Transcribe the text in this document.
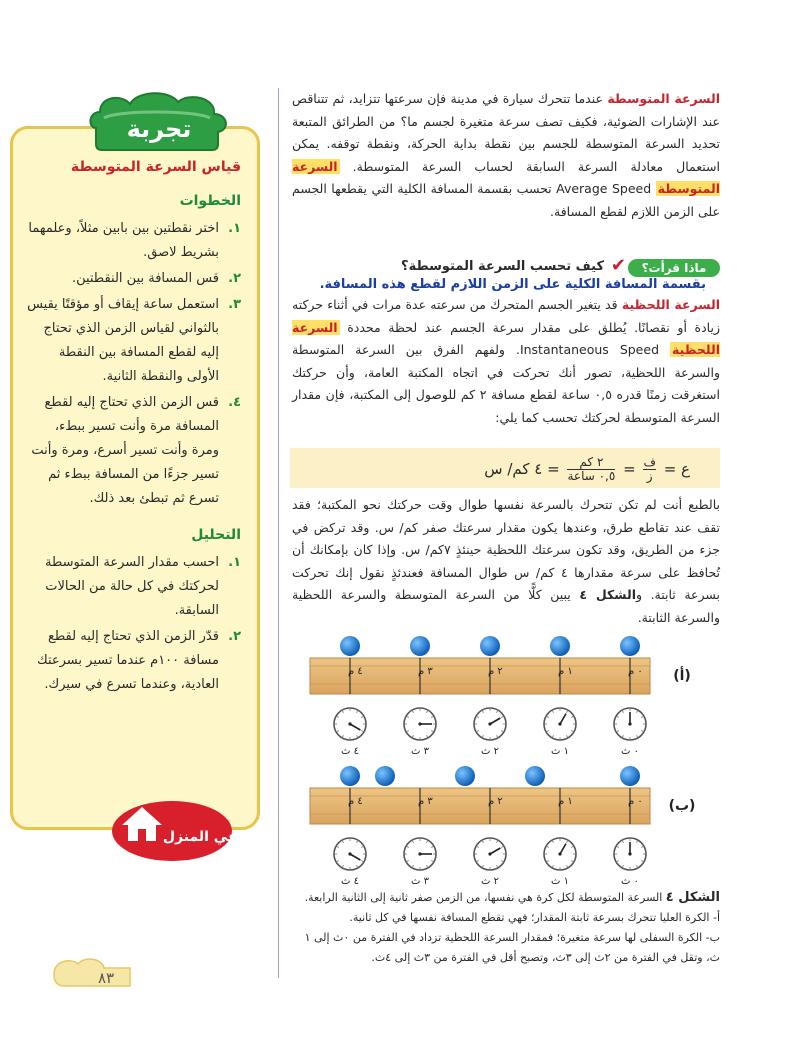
قياس السرعة المتوسطة

الخطوات

١.
اختر نقطتين بين بابين مثلاً، وعلمهما بشريط لاصق.
٢.
قس المسافة بين النقطتين.
٣.
استعمل ساعة إيقاف أو مؤقتًا يقيس بالثواني لقياس الزمن الذي تحتاج إليه لقطع المسافة بين النقطة الأولى والنقطة الثانية.
٤.
قس الزمن الذي تحتاج إليه لقطع المسافة مرة وأنت تسير ببطء، ومرة وأنت تسير أسرع، ومرة وأنت تسير جزءًا من المسافة ببطء ثم تسرع ثم تبطئ بعد ذلك.

التحليل

١.
احسب مقدار السرعة المتوسطة لحركتك في كل حالة من الحالات السابقة.
٢.
قدّر الزمن الذي تحتاج إليه لقطع مسافة ١٠٠م عندما تسير بسرعتك العادية، وعندما تسرع في سيرك.
تجربة
في المنزل

السرعة المتوسطة عندما تتحرك سيارة في مدينة فإن سرعتها تتزايد، ثم تتناقص عند الإشارات الضوئية، فكيف تصف سرعة متغيرة لجسم ما؟ من الطرائق المتبعة تحديد السرعة المتوسطة للجسم بين نقطة بداية الحركة، ونقطة توقفه. يمكن استعمال معادلة السرعة السابقة لحساب السرعة المتوسطة. السرعة المتوسطة Average Speed تحسب بقسمة المسافة الكلية التي يقطعها الجسم على الزمن اللازم لقطع المسافة.

ماذا قرأت؟
✔
كيف تحسب السرعة المتوسطة؟
بقسمة المسافة الكلية على الزمن اللازم لقطع هذه المسافة.

السرعة اللحظية قد يتغير الجسم المتحرك من سرعته عدة مرات في أثناء حركته زيادة أو نقصانًا. يُطلق على مقدار سرعة الجسم عند لحظة محددة السرعة اللحظية Instantaneous Speed. ولفهم الفرق بين السرعة المتوسطة والسرعة اللحظية، تصور أنك تحركت في اتجاه المكتبة العامة، وأن حركتك استغرقت زمنًا قدره ٠,٥ ساعة لقطع مسافة ٢ كم للوصول إلى المكتبة، فإن مقدار السرعة المتوسطة لحركتك تحسب كما يلي:

ع =
ف
ز
=
٢ كم
٠,٥ ساعة
= ٤ كم/ س

بالطبع أنت لم تكن تتحرك بالسرعة نفسها طوال وقت حركتك نحو المكتبة؛ فقد تقف عند تقاطع طرق، وعندها يكون مقدار سرعتك صفر كم/ س. وقد تركض في جزء من الطريق، وقد تكون سرعتك اللحظية حينئذٍ ٧كم/ س. وإذا كان بإمكانك أن تُحافظ على سرعة مقدارها ٤ كم/ س طوال المسافة فعندئذٍ نقول إنك تحركت بسرعة ثابتة. والشكل ٤ يبين كلًّا من السرعة المتوسطة والسرعة اللحظية والسرعة الثابتة.

٠ م
١ م
٢ م
٣ م
٤ م	(أ)
٠ ث
١ ث
٢ ث
٣ ث
٤ ث
٠ م
١ م
٢ م
٣ م
٤ م	(ب)
٠ ث
١ ث
٢ ث
٣ ث
٤ ث

الشكل ٤ السرعة المتوسطة لكل كرة هي نفسها، من الزمن صفر ثانية إلى الثانية الرابعة.

أ- الكرة العليا تتحرك بسرعة ثابتة المقدار؛ فهي تقطع المسافة نفسها في كل ثانية.

ب- الكرة السفلى لها سرعة متغيرة؛ فمقدار السرعة اللحظية تزداد في الفترة من ٠ث إلى ١ ث، وتقل في الفترة من ٢ث إلى ٣ث، وتصبح أقل في الفترة من ٣ث إلى ٤ث.

٨٣
